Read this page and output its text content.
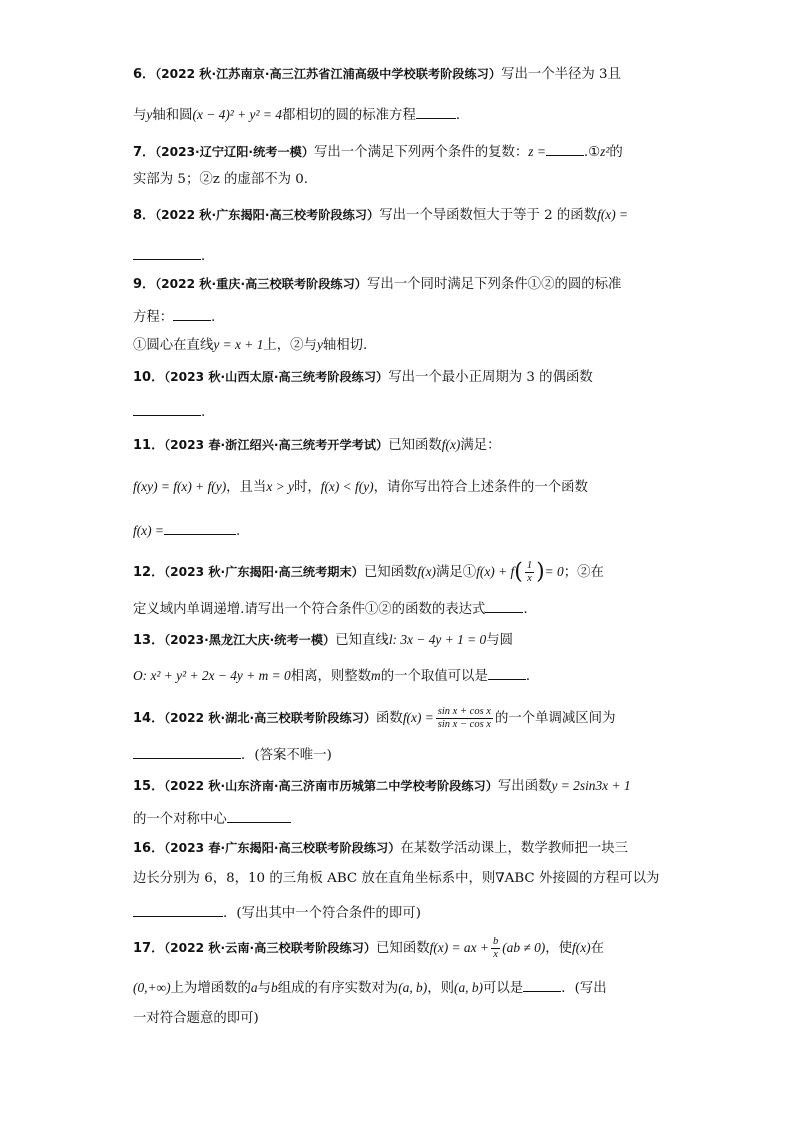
6．（2022 秋·江苏南京·高三江苏省江浦高级中学校联考阶段练习）写出一个半径为 3且
与y轴和圆(x − 4)² + y² = 4都相切的圆的标准方程	．
7．（2023·辽宁辽阳·统考一模）写出一个满足下列两个条件的复数：z =	.①z²的
实部为 5；②z 的虚部不为 0.
8．（2022 秋·广东揭阳·高三校考阶段练习）写出一个导函数恒大于等于 2 的函数f(x) =
．
9．（2022 秋·重庆·高三校联考阶段练习）写出一个同时满足下列条件①②的圆的标准
方程：	．
①圆心在直线y = x + 1上，②与y轴相切．
10．（2023 秋·山西太原·高三统考阶段练习）写出一个最小正周期为 3 的偶函数
.
11．（2023 春·浙江绍兴·高三统考开学考试）已知函数f(x)满足：
f(xy) = f(x) + f(y)，且当x > y时，f(x) < f(y)，请你写出符合上述条件的一个函数
f(x) =	.
12．（2023 秋·广东揭阳·高三统考期末）已知函数f(x)满足①f(x) + $f( \frac{1}{x}$ )= 0；②在
定义域内单调递增.请写出一个符合条件①②的函数的表达式	.
13．（2023·黑龙江大庆·统考一模）已知直线l: 3x − 4y + 1 = 0与圆
O: x² + y² + 2x − 4y + m = 0相离，则整数m的一个取值可以是	．
14．（2022 秋·湖北·高三校联考阶段练习）函数$f(x) = \frac{\text{sin x + cos x}}{\text{sin x − cos x}}$ 的一个单调减区间为
．(答案不唯一)
15．（2022 秋·山东济南·高三济南市历城第二中学校考阶段练习）写出函数y = 2sin3x + 1
的一个对称中心
16．（2023 春·广东揭阳·高三校联考阶段练习）在某数学活动课上，数学教师把一块三
边长分别为 6，8，10 的三角板 ABC 放在直角坐标系中，则∇ABC 外接圆的方程可以为
．(写出其中一个符合条件的即可)
17．（2022 秋·云南·高三校联考阶段练习）已知函数f(x) = ax + $\frac{b}{x} (ab \ne 0)$，使f(x)在
(0,+∞)上为增函数的a与b组成的有序实数对为(a, b)，则(a, b)可以是	．(写出
一对符合题意的即可)
